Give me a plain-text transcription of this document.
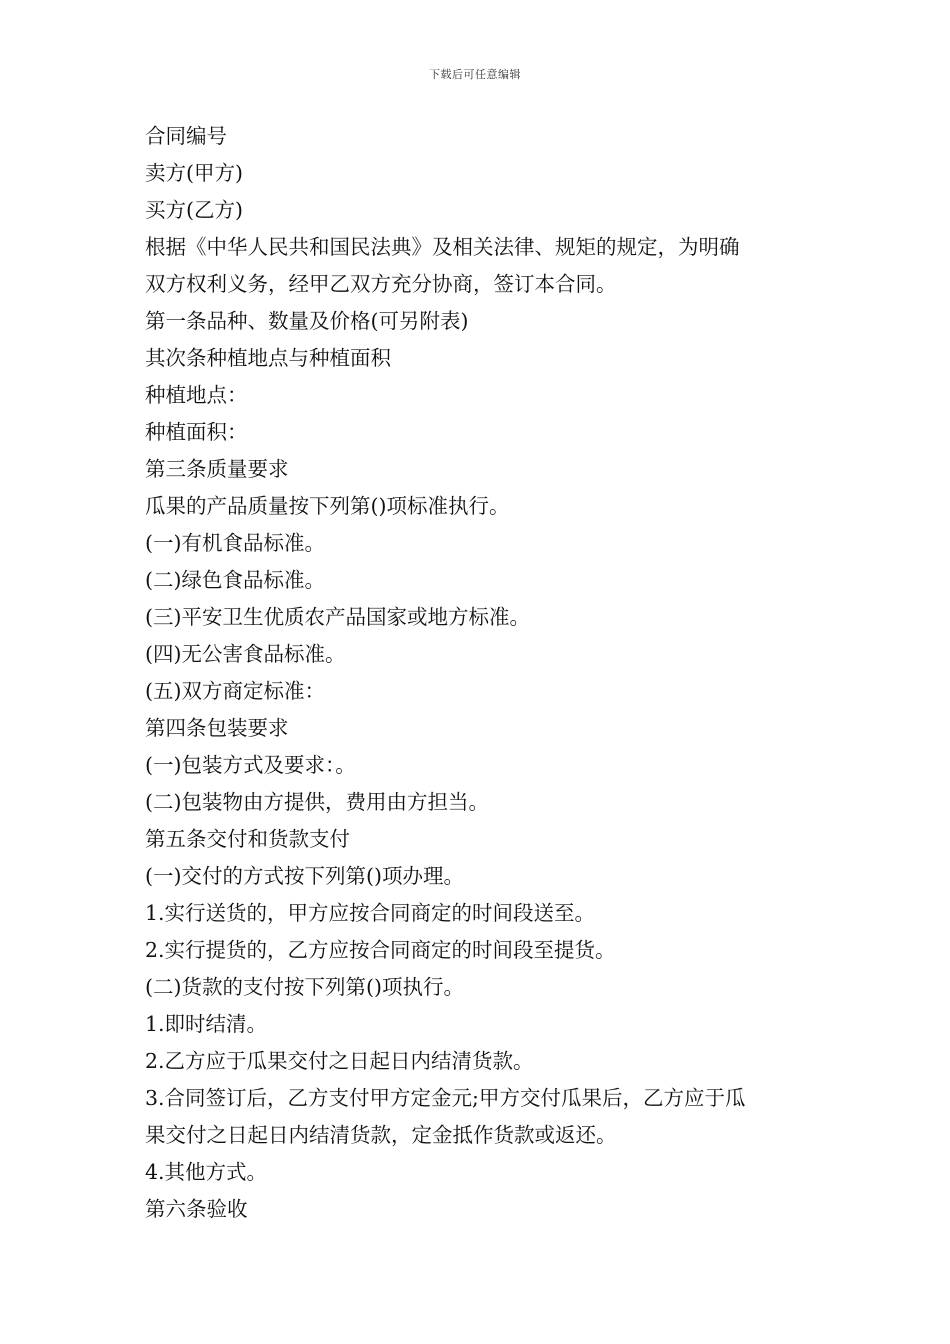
下载后可任意编辑
合同编号
卖方(甲方)
买方(乙方)
根据《中华人民共和国民法典》及相关法律、规矩的规定，为明确
双方权利义务，经甲乙双方充分协商，签订本合同。
第一条品种、数量及价格(可另附表)
其次条种植地点与种植面积
种植地点：
种植面积：
第三条质量要求
瓜果的产品质量按下列第()项标准执行。
(一)有机食品标准。
(二)绿色食品标准。
(三)平安卫生优质农产品国家或地方标准。
(四)无公害食品标准。
(五)双方商定标准：
第四条包装要求
(一)包装方式及要求：。
(二)包装物由方提供，费用由方担当。
第五条交付和货款支付
(一)交付的方式按下列第()项办理。
1.实行送货的，甲方应按合同商定的时间段送至。
2.实行提货的，乙方应按合同商定的时间段至提货。
(二)货款的支付按下列第()项执行。
1.即时结清。
2.乙方应于瓜果交付之日起日内结清货款。
3.合同签订后，乙方支付甲方定金元;甲方交付瓜果后，乙方应于瓜
果交付之日起日内结清货款，定金抵作货款或返还。
4.其他方式。
第六条验收
